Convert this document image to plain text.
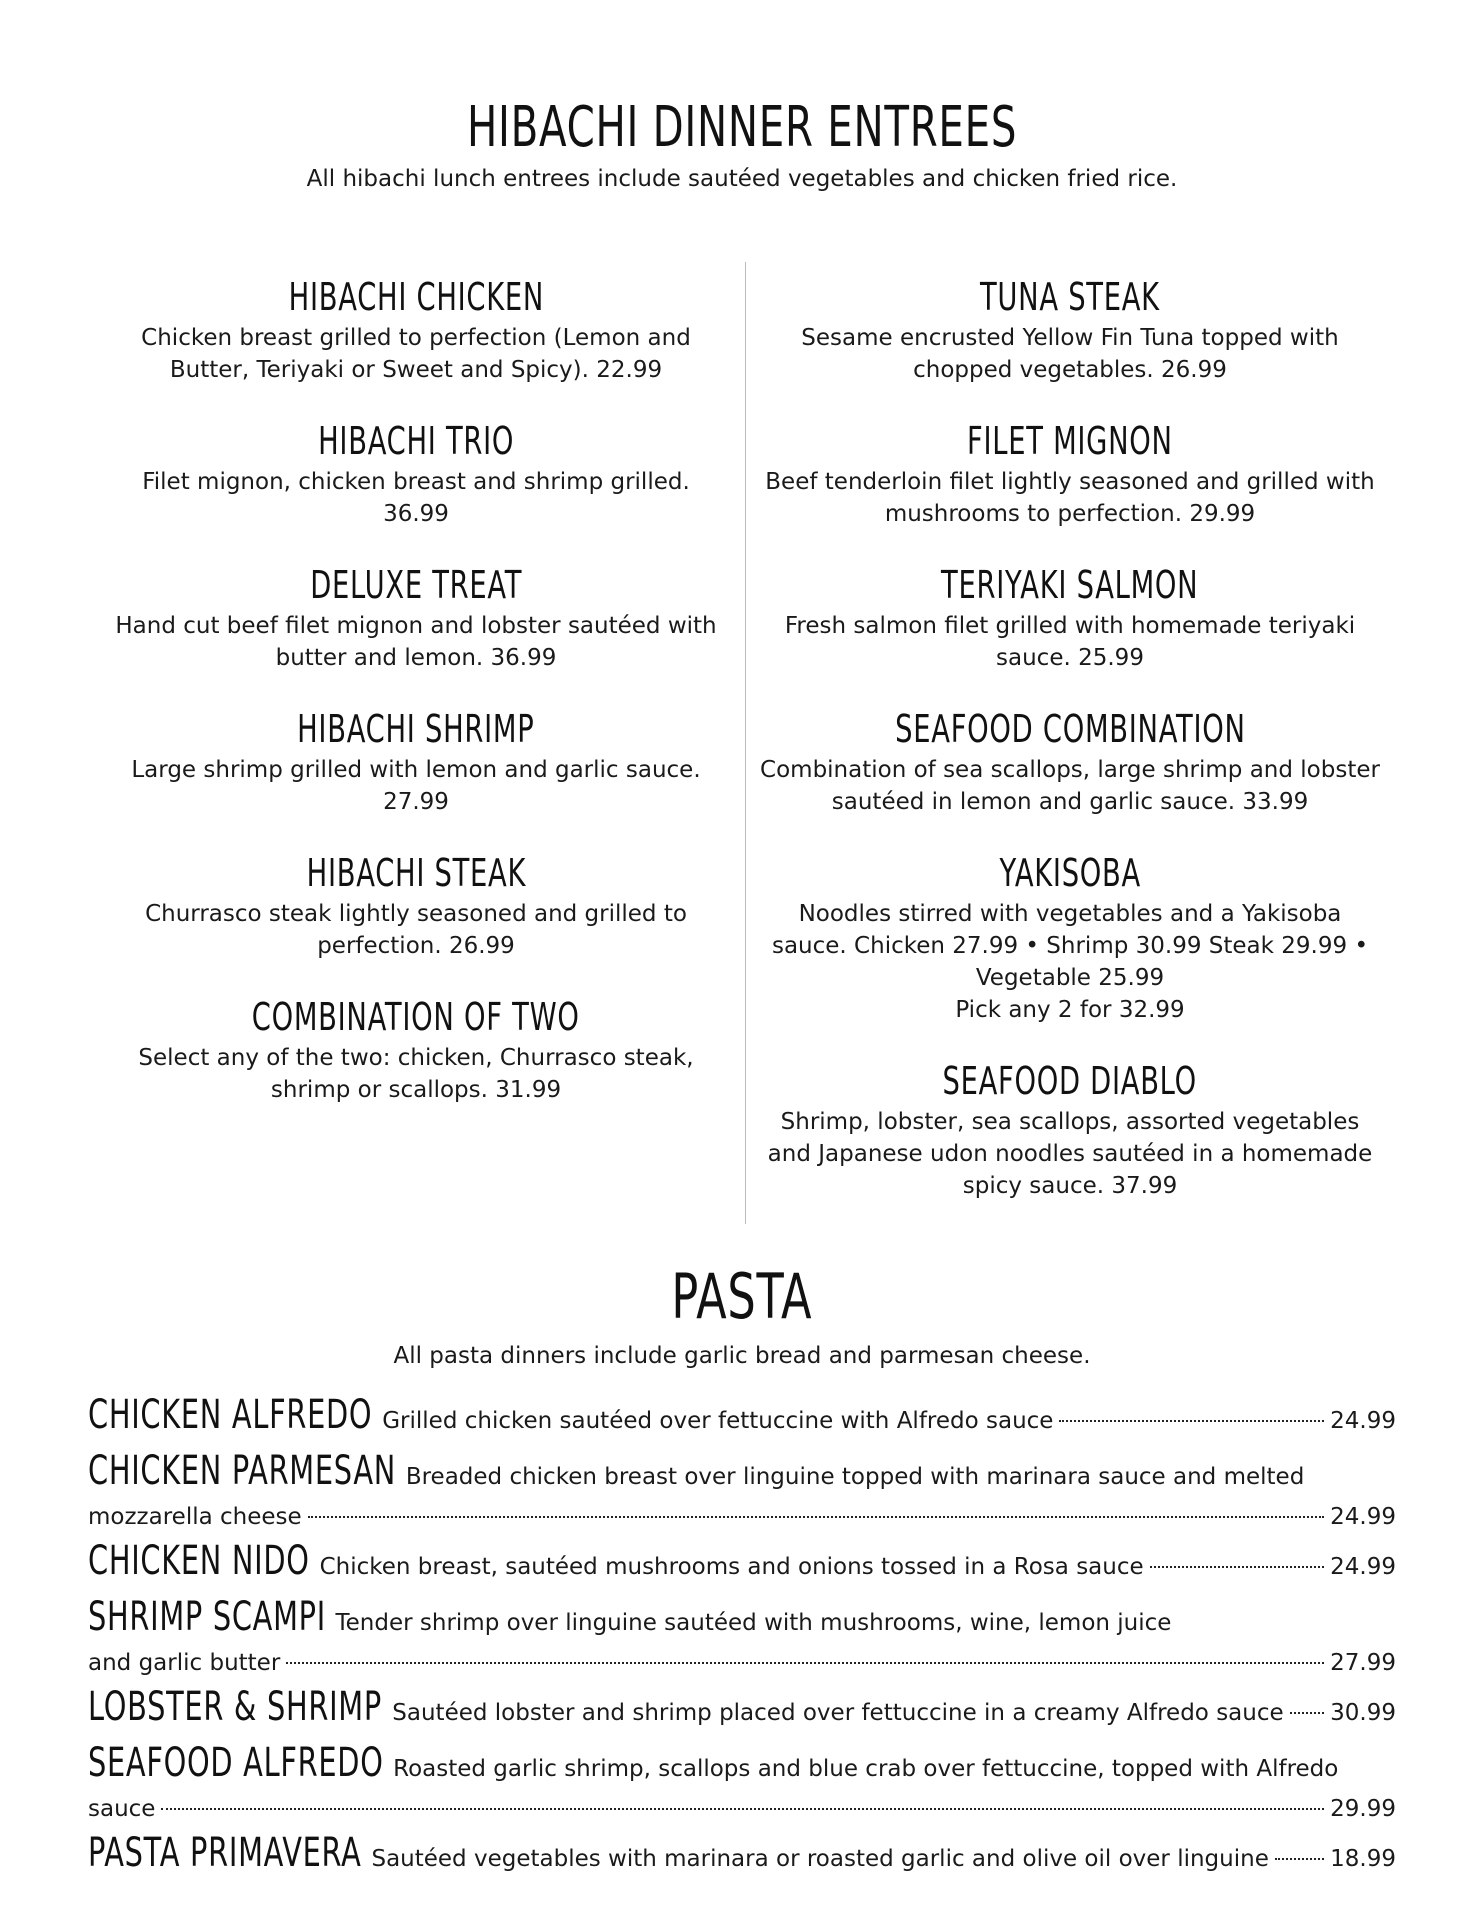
HIBACHI DINNER ENTREES
All hibachi lunch entrees include sautéed vegetables and chicken fried rice.
HIBACHI CHICKEN
Chicken breast grilled to perfection (Lemon and Butter, Teriyaki or Sweet and Spicy). 22.99
HIBACHI TRIO
Filet mignon, chicken breast and shrimp grilled. 36.99
DELUXE TREAT
Hand cut beef filet mignon and lobster sautéed with butter and lemon. 36.99
HIBACHI SHRIMP
Large shrimp grilled with lemon and garlic sauce. 27.99
HIBACHI STEAK
Churrasco steak lightly seasoned and grilled to perfection. 26.99
COMBINATION OF TWO
Select any of the two: chicken, Churrasco steak, shrimp or scallops. 31.99
TUNA STEAK
Sesame encrusted Yellow Fin Tuna topped with chopped vegetables. 26.99
FILET MIGNON
Beef tenderloin filet lightly seasoned and grilled with mushrooms to perfection. 29.99
TERIYAKI SALMON
Fresh salmon filet grilled with homemade teriyaki sauce. 25.99
SEAFOOD COMBINATION
Combination of sea scallops, large shrimp and lobster sautéed in lemon and garlic sauce. 33.99
YAKISOBA
Noodles stirred with vegetables and a Yakisoba sauce. Chicken 27.99 • Shrimp 30.99 Steak 29.99 • Vegetable 25.99
Pick any 2 for 32.99
SEAFOOD DIABLO
Shrimp, lobster, sea scallops, assorted vegetables and Japanese udon noodles sautéed in a homemade spicy sauce. 37.99
PASTA
All pasta dinners include garlic bread and parmesan cheese.
CHICKEN ALFREDO Grilled chicken sautéed over fettuccine with Alfredo sauce	24.99
CHICKEN PARMESAN Breaded chicken breast over linguine topped with marinara sauce and melted
mozzarella cheese	24.99
CHICKEN NIDO Chicken breast, sautéed mushrooms and onions tossed in a Rosa sauce	24.99
SHRIMP SCAMPI Tender shrimp over linguine sautéed with mushrooms, wine, lemon juice
and garlic butter	27.99
LOBSTER & SHRIMP Sautéed lobster and shrimp placed over fettuccine in a creamy Alfredo sauce 30.99
SEAFOOD ALFREDO Roasted garlic shrimp, scallops and blue crab over fettuccine, topped with Alfredo
sauce	29.99
PASTA PRIMAVERA Sautéed vegetables with marinara or roasted garlic and olive oil over linguine	18.99
